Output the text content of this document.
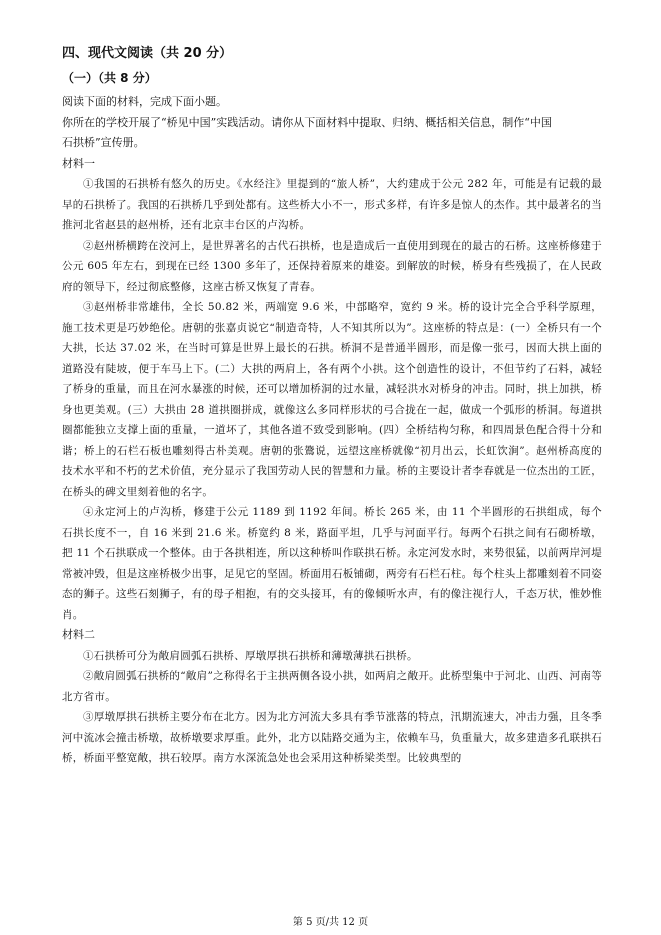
四、现代文阅读（共 20 分）
（一）（共 8 分）

阅读下面的材料，完成下面小题。

你所在的学校开展了“桥见中国”实践活动。请你从下面材料中提取、归纳、概括相关信息，制作“中国

石拱桥”宣传册。

材料一

①我国的石拱桥有悠久的历史。《水经注》里提到的“旅人桥”，大约建成于公元 282 年，可能是有记载的最早的石拱桥了。我国的石拱桥几乎到处都有。这些桥大小不一，形式多样，有许多是惊人的杰作。其中最著名的当推河北省赵县的赵州桥，还有北京丰台区的卢沟桥。

②赵州桥横跨在洨河上，是世界著名的古代石拱桥，也是造成后一直使用到现在的最古的石桥。这座桥修建于公元 605 年左右，到现在已经 1300 多年了，还保持着原来的雄姿。到解放的时候，桥身有些残损了，在人民政府的领导下，经过彻底整修，这座古桥又恢复了青春。

③赵州桥非常雄伟，全长 50.82 米，两端宽 9.6 米，中部略窄，宽约 9 米。桥的设计完全合乎科学原理，施工技术更是巧妙绝伦。唐朝的张嘉贞说它“制造奇特，人不知其所以为”。这座桥的特点是：(一）全桥只有一个大拱，长达 37.02 米，在当时可算是世界上最长的石拱。桥洞不是普通半圆形，而是像一张弓，因而大拱上面的道路没有陡坡，便于车马上下。(二）大拱的两肩上，各有两个小拱。这个创造性的设计，不但节约了石料，减轻了桥身的重量，而且在河水暴涨的时候，还可以增加桥洞的过水量，减轻洪水对桥身的冲击。同时，拱上加拱，桥身也更美观。(三）大拱由 28 道拱圈拼成，就像这么多同样形状的弓合拢在一起，做成一个弧形的桥洞。每道拱圈都能独立支撑上面的重量，一道坏了，其他各道不致受到影响。(四）全桥结构匀称，和四周景色配合得十分和谐；桥上的石栏石板也雕刻得古朴美观。唐朝的张鷟说，远望这座桥就像“初月出云，长虹饮涧”。赵州桥高度的技术水平和不朽的艺术价值，充分显示了我国劳动人民的智慧和力量。桥的主要设计者李春就是一位杰出的工匠，在桥头的碑文里刻着他的名字。

④永定河上的卢沟桥，修建于公元 1189 到 1192 年间。桥长 265 米，由 11 个半圆形的石拱组成，每个石拱长度不一，自 16 米到 21.6 米。桥宽约 8 米，路面平坦，几乎与河面平行。每两个石拱之间有石砌桥墩，把 11 个石拱联成一个整体。由于各拱相连，所以这种桥叫作联拱石桥。永定河发水时，来势很猛，以前两岸河堤常被冲毁，但是这座桥极少出事，足见它的坚固。桥面用石板铺砌，两旁有石栏石柱。每个柱头上都雕刻着不同姿态的狮子。这些石刻狮子，有的母子相抱，有的交头接耳，有的像倾听水声，有的像注视行人，千态万状，惟妙惟肖。

材料二

①石拱桥可分为敞肩圆弧石拱桥、厚墩厚拱石拱桥和薄墩薄拱石拱桥。

②敞肩圆弧石拱桥的“敞肩”之称得名于主拱两侧各设小拱，如两肩之敞开。此桥型集中于河北、山西、河南等北方省市。

③厚墩厚拱石拱桥主要分布在北方。因为北方河流大多具有季节涨落的特点，汛期流速大，冲击力强，且冬季河中流冰会撞击桥墩，故桥墩要求厚重。此外，北方以陆路交通为主，依赖车马，负重量大，故多建造多孔联拱石桥，桥面平整宽敞，拱石较厚。南方水深流急处也会采用这种桥梁类型。比较典型的

第 5 页/共 12 页
